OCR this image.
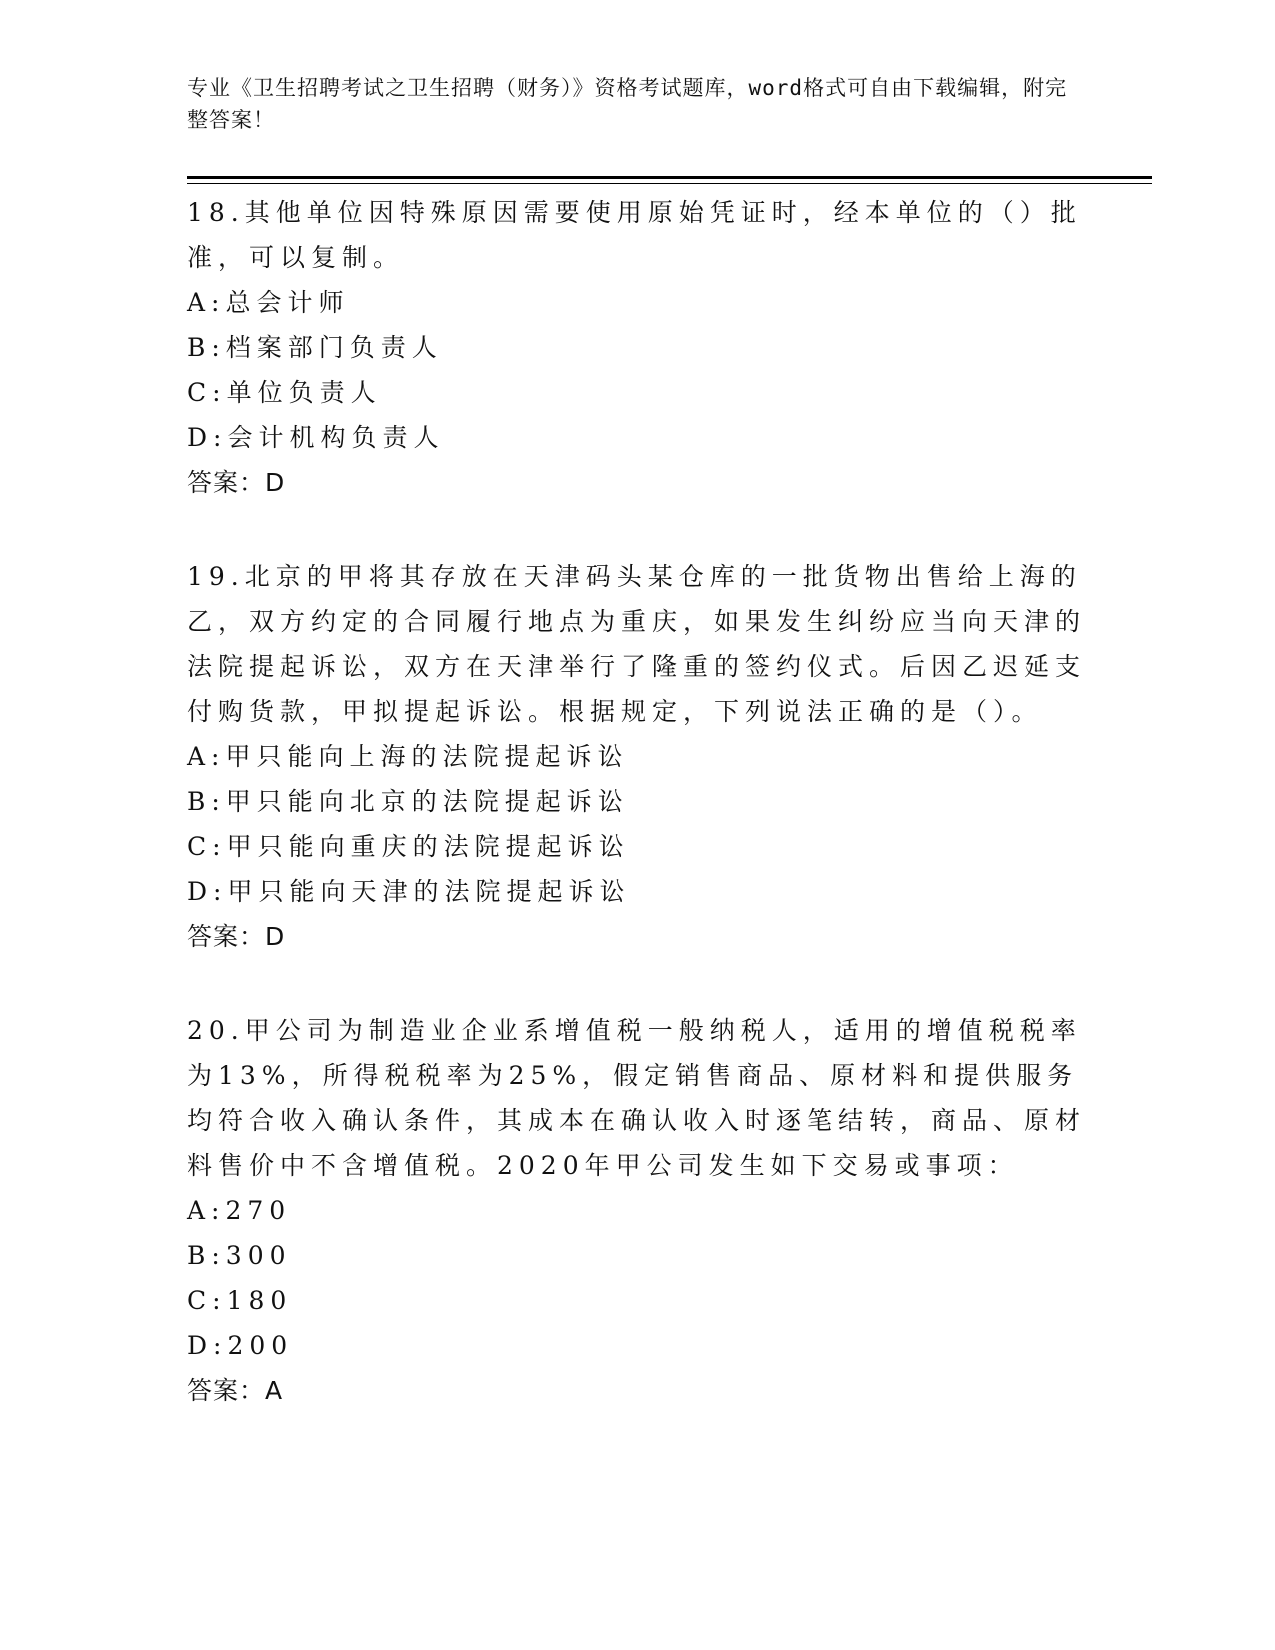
专业《卫生招聘考试之卫生招聘（财务）》资格考试题库，word格式可自由下载编辑，附完整答案！

18.其他单位因特殊原因需要使用原始凭证时，经本单位的（）批准，可以复制。

A:总会计师

B:档案部门负责人

C:单位负责人

D:会计机构负责人

答案：D

19.北京的甲将其存放在天津码头某仓库的一批货物出售给上海的乙，双方约定的合同履行地点为重庆，如果发生纠纷应当向天津的法院提起诉讼，双方在天津举行了隆重的签约仪式。后因乙迟延支付购货款，甲拟提起诉讼。根据规定，下列说法正确的是（）。

A:甲只能向上海的法院提起诉讼

B:甲只能向北京的法院提起诉讼

C:甲只能向重庆的法院提起诉讼

D:甲只能向天津的法院提起诉讼

答案：D

20.甲公司为制造业企业系增值税一般纳税人，适用的增值税税率为13%，所得税税率为25%，假定销售商品、原材料和提供服务均符合收入确认条件，其成本在确认收入时逐笔结转，商品、原材料售价中不含增值税。2020年甲公司发生如下交易或事项：

A:270

B:300

C:180

D:200

答案：A
